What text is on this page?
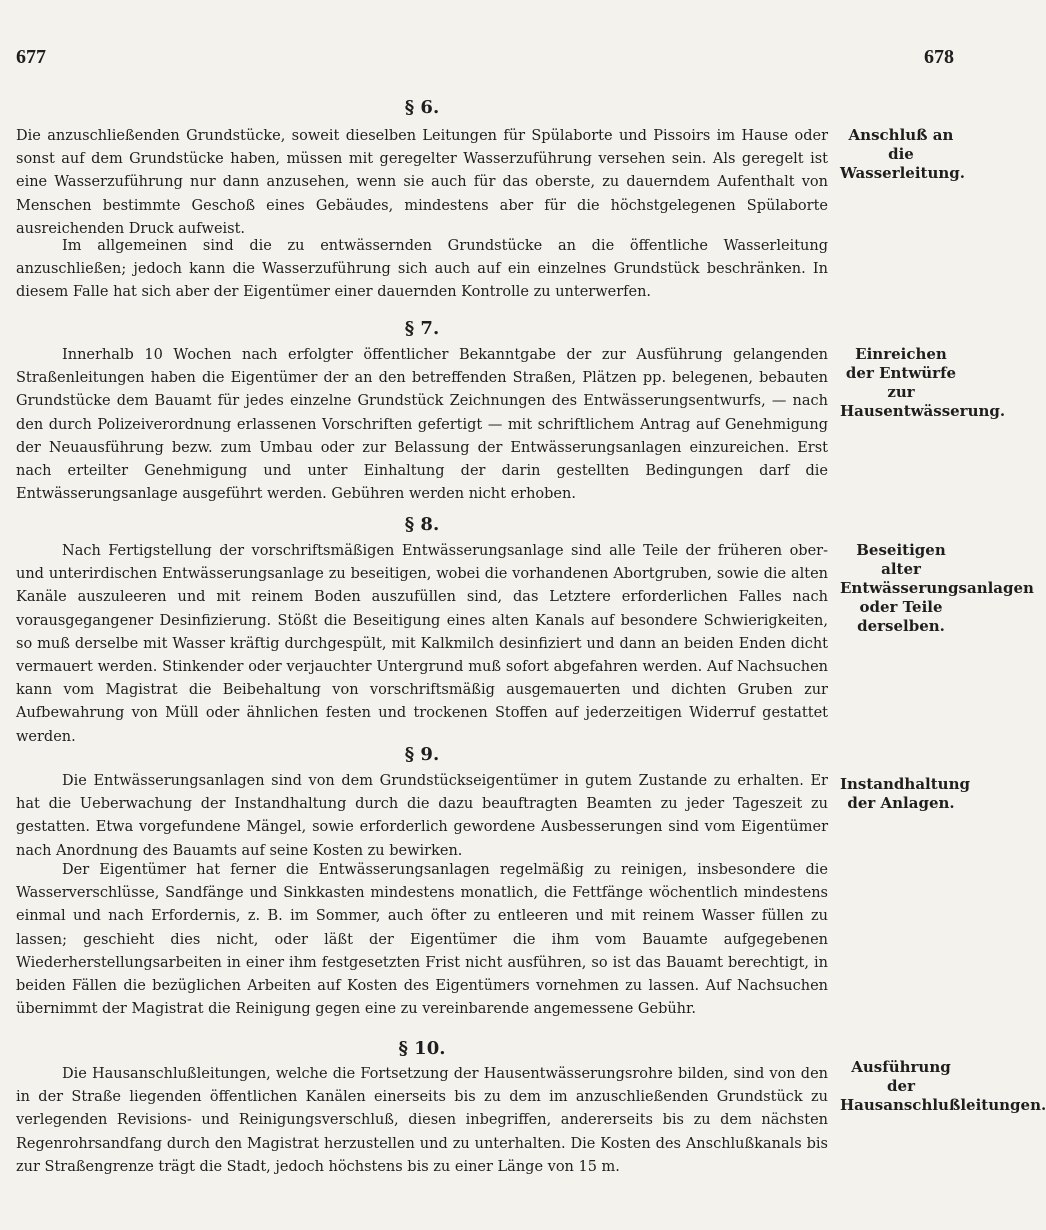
677	678
§ 6.

Die anzuschließenden Grundstücke, soweit dieselben Leitungen für Spülaborte und Pissoirs im Hause oder sonst auf dem Grundstücke haben, müssen mit geregelter Wasserzuführung versehen sein. Als geregelt ist eine Wasserzuführung nur dann anzusehen, wenn sie auch für das oberste, zu dauerndem Aufenthalt von Menschen bestimmte Geschoß eines Gebäudes, mindestens aber für die höchstgelegenen Spülaborte ausreichenden Druck aufweist.

Im allgemeinen sind die zu entwässernden Grundstücke an die öffentliche Wasserleitung anzuschließen; jedoch kann die Wasserzuführung sich auch auf ein einzelnes Grundstück beschränken. In diesem Falle hat sich aber der Eigentümer einer dauernden Kontrolle zu unterwerfen.

Anschluß an die Wasserleitung.

§ 7.

Innerhalb 10 Wochen nach erfolgter öffentlicher Bekanntgabe der zur Ausführung gelangenden Straßenleitungen haben die Eigentümer der an den betreffenden Straßen, Plätzen pp. belegenen, bebauten Grundstücke dem Bauamt für jedes einzelne Grundstück Zeichnungen des Entwässerungsentwurfs, — nach den durch Polizeiverordnung erlassenen Vorschriften gefertigt — mit schriftlichem Antrag auf Genehmigung der Neuausführung bezw. zum Umbau oder zur Belassung der Entwässerungsanlagen einzureichen. Erst nach erteilter Genehmigung und unter Einhaltung der darin gestellten Bedingungen darf die Entwässerungsanlage ausgeführt werden. Gebühren werden nicht erhoben.

Einreichen der Entwürfe zur Hausentwässerung.

§ 8.

Nach Fertigstellung der vorschriftsmäßigen Entwässerungsanlage sind alle Teile der früheren ober- und unterirdischen Entwässerungsanlage zu beseitigen, wobei die vorhandenen Abortgruben, sowie die alten Kanäle auszuleeren und mit reinem Boden auszufüllen sind, das Letztere erforderlichen Falles nach vorausgegangener Desinfizierung. Stößt die Beseitigung eines alten Kanals auf besondere Schwierigkeiten, so muß derselbe mit Wasser kräftig durchgespült, mit Kalkmilch desinfiziert und dann an beiden Enden dicht vermauert werden. Stinkender oder verjauchter Untergrund muß sofort abgefahren werden. Auf Nachsuchen kann vom Magistrat die Beibehaltung von vorschriftsmäßig ausgemauerten und dichten Gruben zur Aufbewahrung von Müll oder ähnlichen festen und trockenen Stoffen auf jederzeitigen Widerruf gestattet werden.

Beseitigen alter Entwässerungsanlagen oder Teile derselben.

§ 9.

Die Entwässerungsanlagen sind von dem Grundstückseigentümer in gutem Zustande zu erhalten. Er hat die Ueberwachung der Instandhaltung durch die dazu beauftragten Beamten zu jeder Tageszeit zu gestatten. Etwa vorgefundene Mängel, sowie erforderlich gewordene Ausbesserungen sind vom Eigentümer nach Anordnung des Bauamts auf seine Kosten zu bewirken.

Der Eigentümer hat ferner die Entwässerungsanlagen regelmäßig zu reinigen, insbesondere die Wasserverschlüsse, Sandfänge und Sinkkasten mindestens monatlich, die Fettfänge wöchentlich mindestens einmal und nach Erfordernis, z. B. im Sommer, auch öfter zu entleeren und mit reinem Wasser füllen zu lassen; geschieht dies nicht, oder läßt der Eigentümer die ihm vom Bauamte aufgegebenen Wiederherstellungsarbeiten in einer ihm festgesetzten Frist nicht ausführen, so ist das Bauamt berechtigt, in beiden Fällen die bezüglichen Arbeiten auf Kosten des Eigentümers vornehmen zu lassen. Auf Nachsuchen übernimmt der Magistrat die Reinigung gegen eine zu vereinbarende angemessene Gebühr.

Instandhaltung der Anlagen.

§ 10.

Die Hausanschlußleitungen, welche die Fortsetzung der Hausentwässerungsrohre bilden, sind von den in der Straße liegenden öffentlichen Kanälen einerseits bis zu dem im anzuschließenden Grundstück zu verlegenden Revisions- und Reinigungsverschluß, diesen inbegriffen, andererseits bis zu dem nächsten Regenrohrsandfang durch den Magistrat herzustellen und zu unterhalten. Die Kosten des Anschlußkanals bis zur Straßengrenze trägt die Stadt, jedoch höchstens bis zu einer Länge von 15 m.

Ausführung der Hausanschlußleitungen.
